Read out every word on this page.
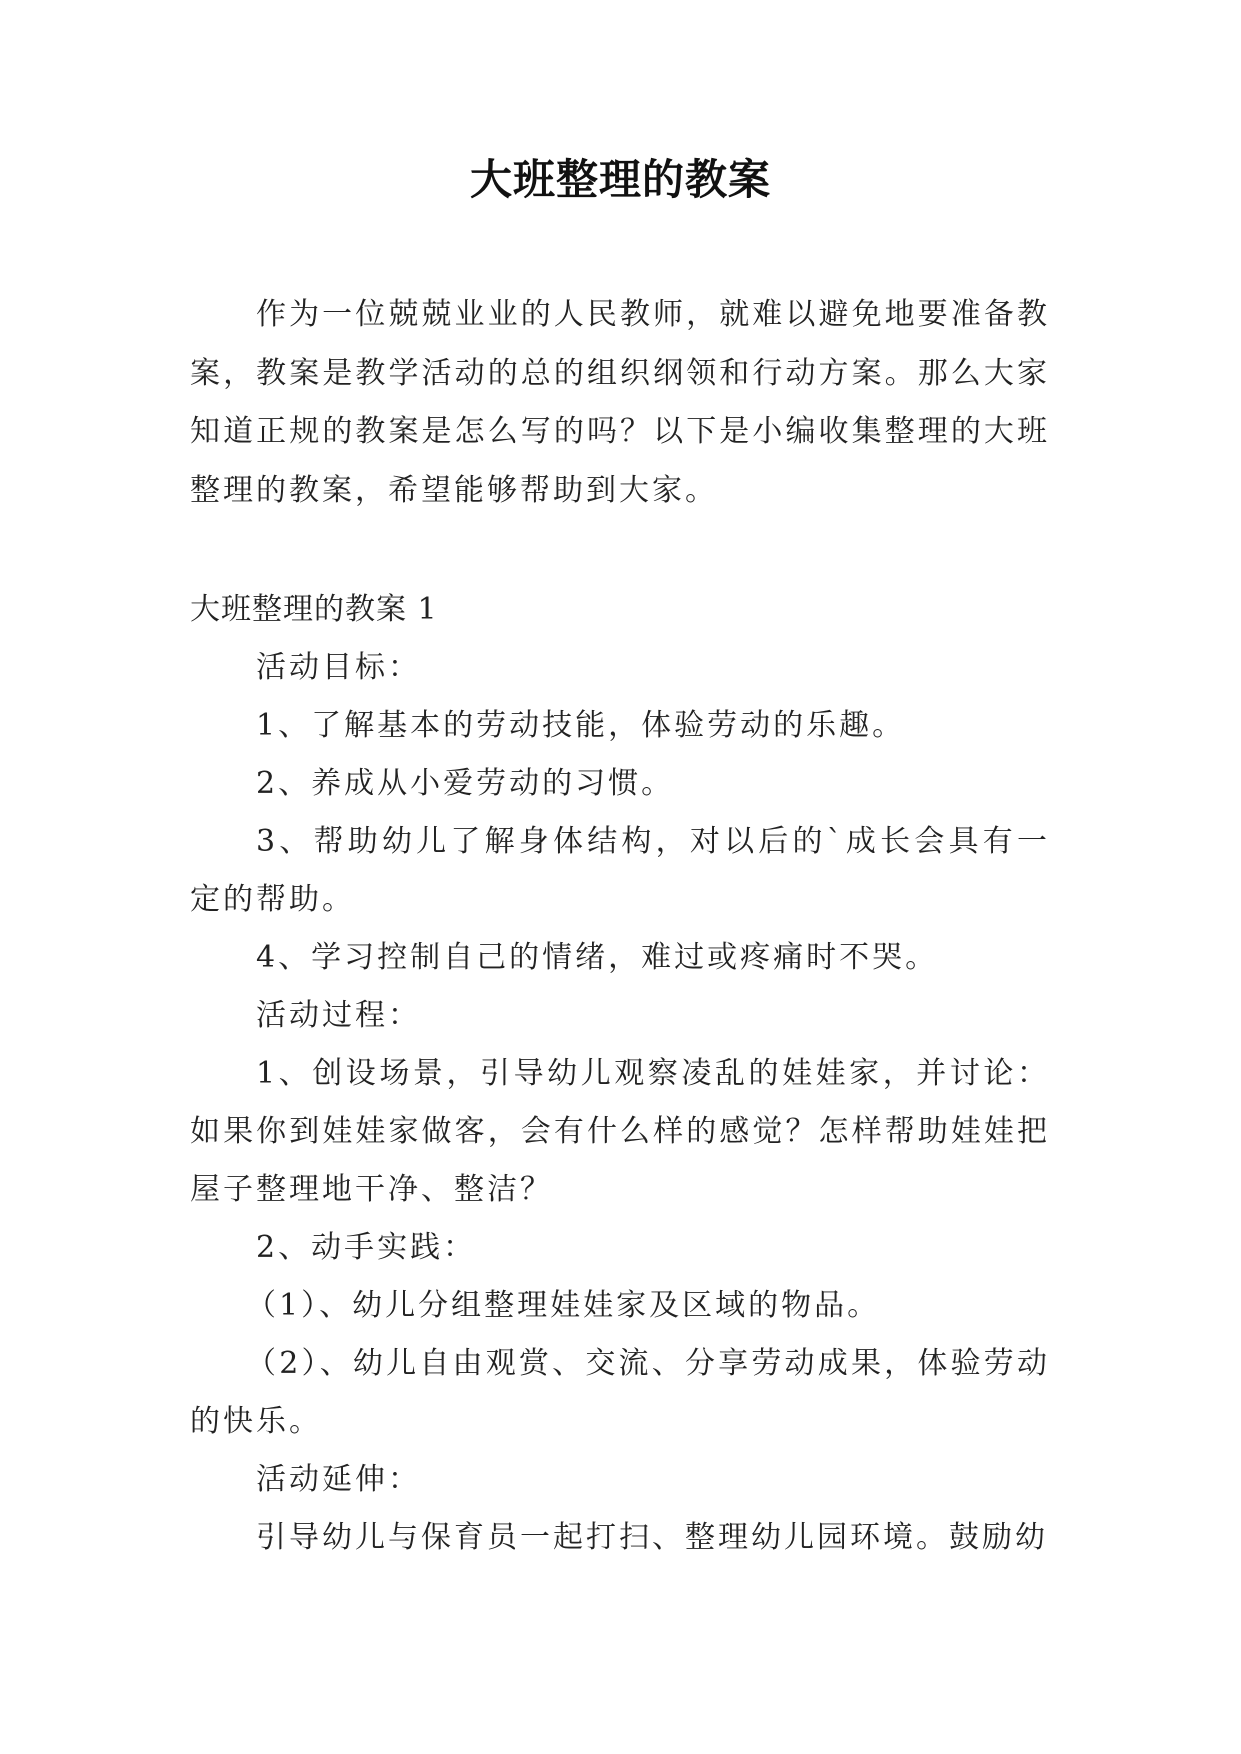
大班整理的教案

作为一位兢兢业业的人民教师，就难以避免地要准备教案，教案是教学活动的总的组织纲领和行动方案。那么大家知道正规的教案是怎么写的吗？以下是小编收集整理的大班整理的教案，希望能够帮助到大家。

大班整理的教案 1

活动目标：

1、了解基本的劳动技能，体验劳动的乐趣。

2、养成从小爱劳动的习惯。

3、帮助幼儿了解身体结构，对以后的`成长会具有一定的帮助。

4、学习控制自己的情绪，难过或疼痛时不哭。

活动过程：

1、创设场景，引导幼儿观察凌乱的娃娃家，并讨论：如果你到娃娃家做客，会有什么样的感觉？怎样帮助娃娃把屋子整理地干净、整洁？

2、动手实践：

（1）、幼儿分组整理娃娃家及区域的物品。

（2）、幼儿自由观赏、交流、分享劳动成果，体验劳动的快乐。

活动延伸：

引导幼儿与保育员一起打扫、整理幼儿园环境。鼓励幼
